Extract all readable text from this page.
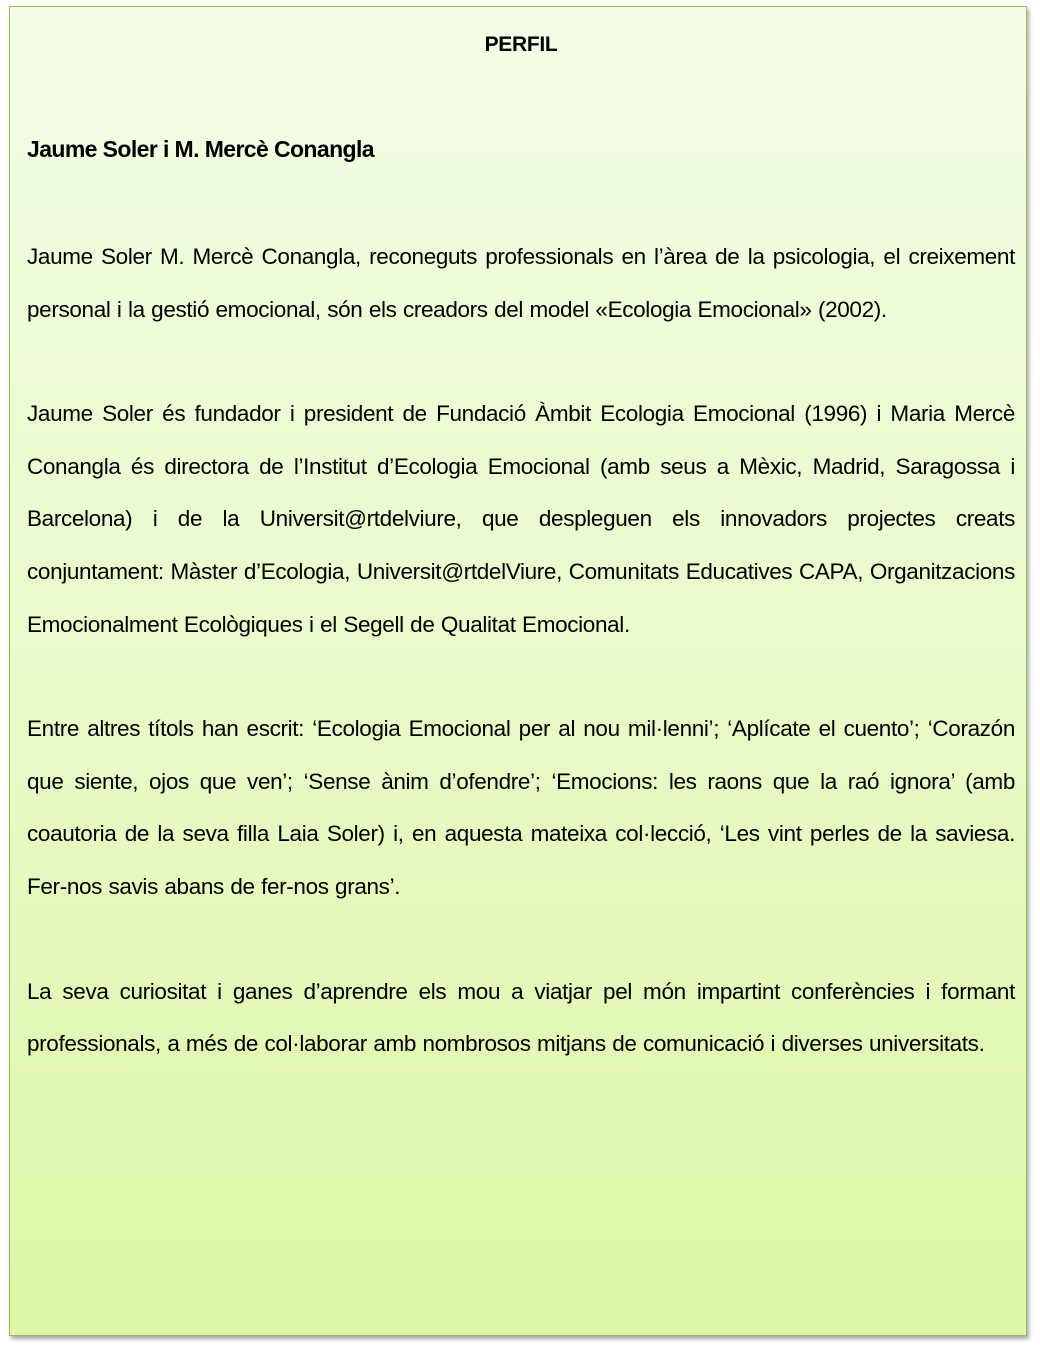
PERFIL

Jaume Soler i M. Mercè Conangla

Jaume Soler M. Mercè Conangla, reconeguts professionals en l’àrea de la psicologia, el creixement personal i la gestió emocional, són els creadors del model «Ecologia Emocional» (2002).

Jaume Soler és fundador i president de Fundació Àmbit Ecologia Emocional (1996) i Maria Mercè Conangla és directora de l’Institut d’Ecologia Emocional (amb seus a Mèxic, Madrid, Saragossa i Barcelona) i de la Universit@rtdelviure, que despleguen els innovadors projectes creats conjuntament: Màster d’Ecologia, Universit@rtdelViure, Comunitats Educatives CAPA, Organitzacions Emocionalment Ecològiques i el Segell de Qualitat Emocional.

Entre altres títols han escrit: ‘Ecologia Emocional per al nou mil·lenni’; ‘Aplícate el cuento’; ‘Corazón que siente, ojos que ven’; ‘Sense ànim d’ofendre’; ‘Emocions: les raons que la raó ignora’ (amb coautoria de la seva filla Laia Soler) i, en aquesta mateixa col·lecció, ‘Les vint perles de la saviesa. Fer-nos savis abans de fer-nos grans’.

La seva curiositat i ganes d’aprendre els mou a viatjar pel món impartint conferències i formant professionals, a més de col·laborar amb nombrosos mitjans de comunicació i diverses universitats.
